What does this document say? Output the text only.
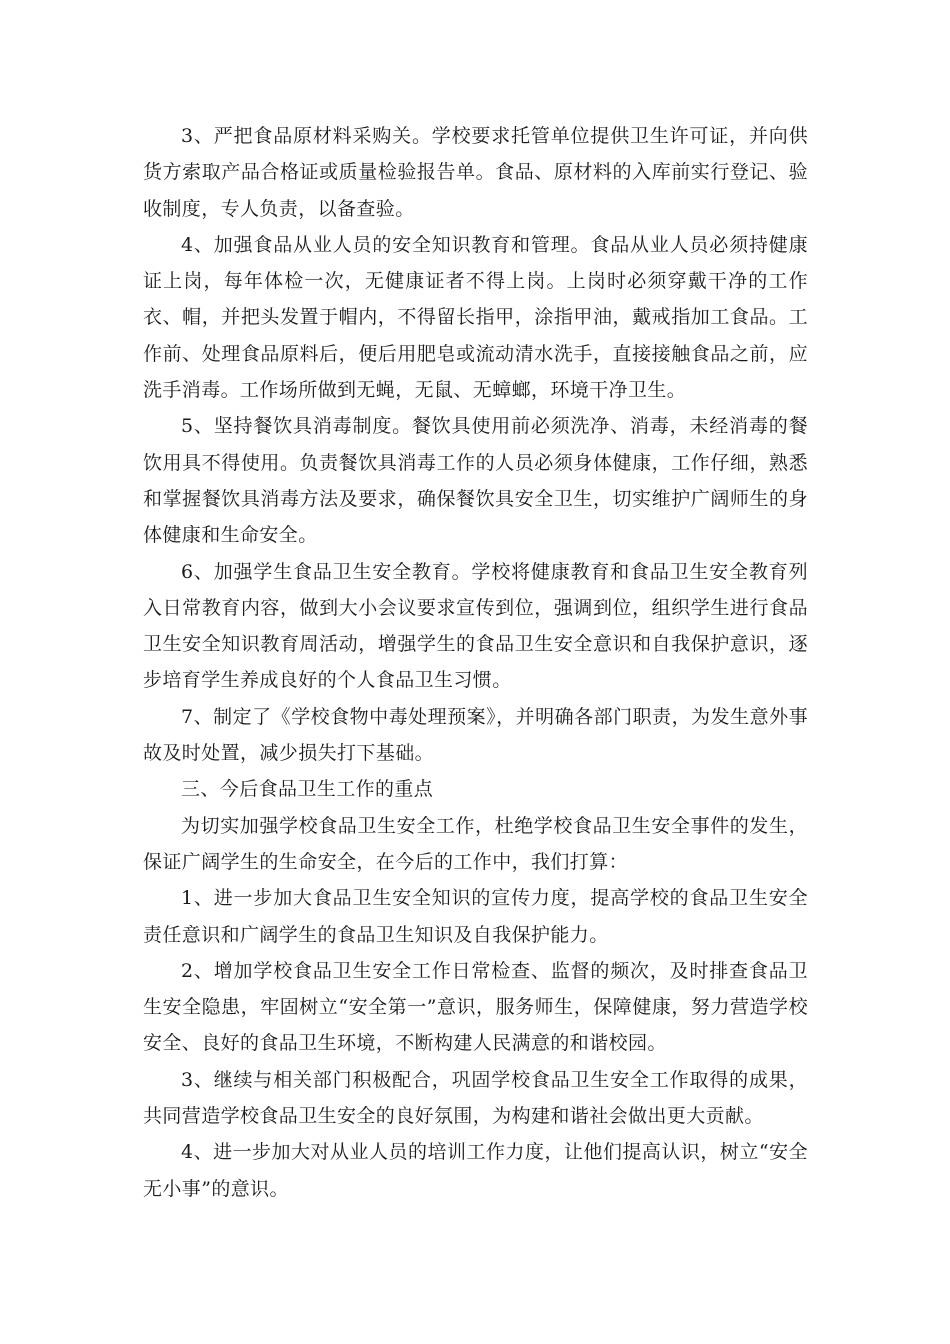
3、严把食品原材料采购关。学校要求托管单位提供卫生许可证，并向供货方索取产品合格证或质量检验报告单。食品、原材料的入库前实行登记、验收制度，专人负责，以备查验。

4、加强食品从业人员的安全知识教育和管理。食品从业人员必须持健康证上岗，每年体检一次，无健康证者不得上岗。上岗时必须穿戴干净的工作衣、帽，并把头发置于帽内，不得留长指甲，涂指甲油，戴戒指加工食品。工作前、处理食品原料后，便后用肥皂或流动清水洗手，直接接触食品之前，应洗手消毒。工作场所做到无蝇，无鼠、无蟑螂，环境干净卫生。

5、坚持餐饮具消毒制度。餐饮具使用前必须洗净、消毒，未经消毒的餐饮用具不得使用。负责餐饮具消毒工作的人员必须身体健康，工作仔细，熟悉和掌握餐饮具消毒方法及要求，确保餐饮具安全卫生，切实维护广阔师生的身体健康和生命安全。

6、加强学生食品卫生安全教育。学校将健康教育和食品卫生安全教育列入日常教育内容，做到大小会议要求宣传到位，强调到位，组织学生进行食品卫生安全知识教育周活动，增强学生的食品卫生安全意识和自我保护意识，逐步培育学生养成良好的个人食品卫生习惯。

7、制定了《学校食物中毒处理预案》，并明确各部门职责，为发生意外事故及时处置，减少损失打下基础。

三、今后食品卫生工作的重点

为切实加强学校食品卫生安全工作，杜绝学校食品卫生安全事件的发生，保证广阔学生的生命安全，在今后的工作中，我们打算：

1、进一步加大食品卫生安全知识的宣传力度，提高学校的食品卫生安全责任意识和广阔学生的食品卫生知识及自我保护能力。

2、增加学校食品卫生安全工作日常检查、监督的频次，及时排查食品卫生安全隐患，牢固树立“安全第一”意识，服务师生，保障健康，努力营造学校安全、良好的食品卫生环境，不断构建人民满意的和谐校园。

3、继续与相关部门积极配合，巩固学校食品卫生安全工作取得的成果，共同营造学校食品卫生安全的良好氛围，为构建和谐社会做出更大贡献。

4、进一步加大对从业人员的培训工作力度，让他们提高认识，树立“安全无小事”的意识。
